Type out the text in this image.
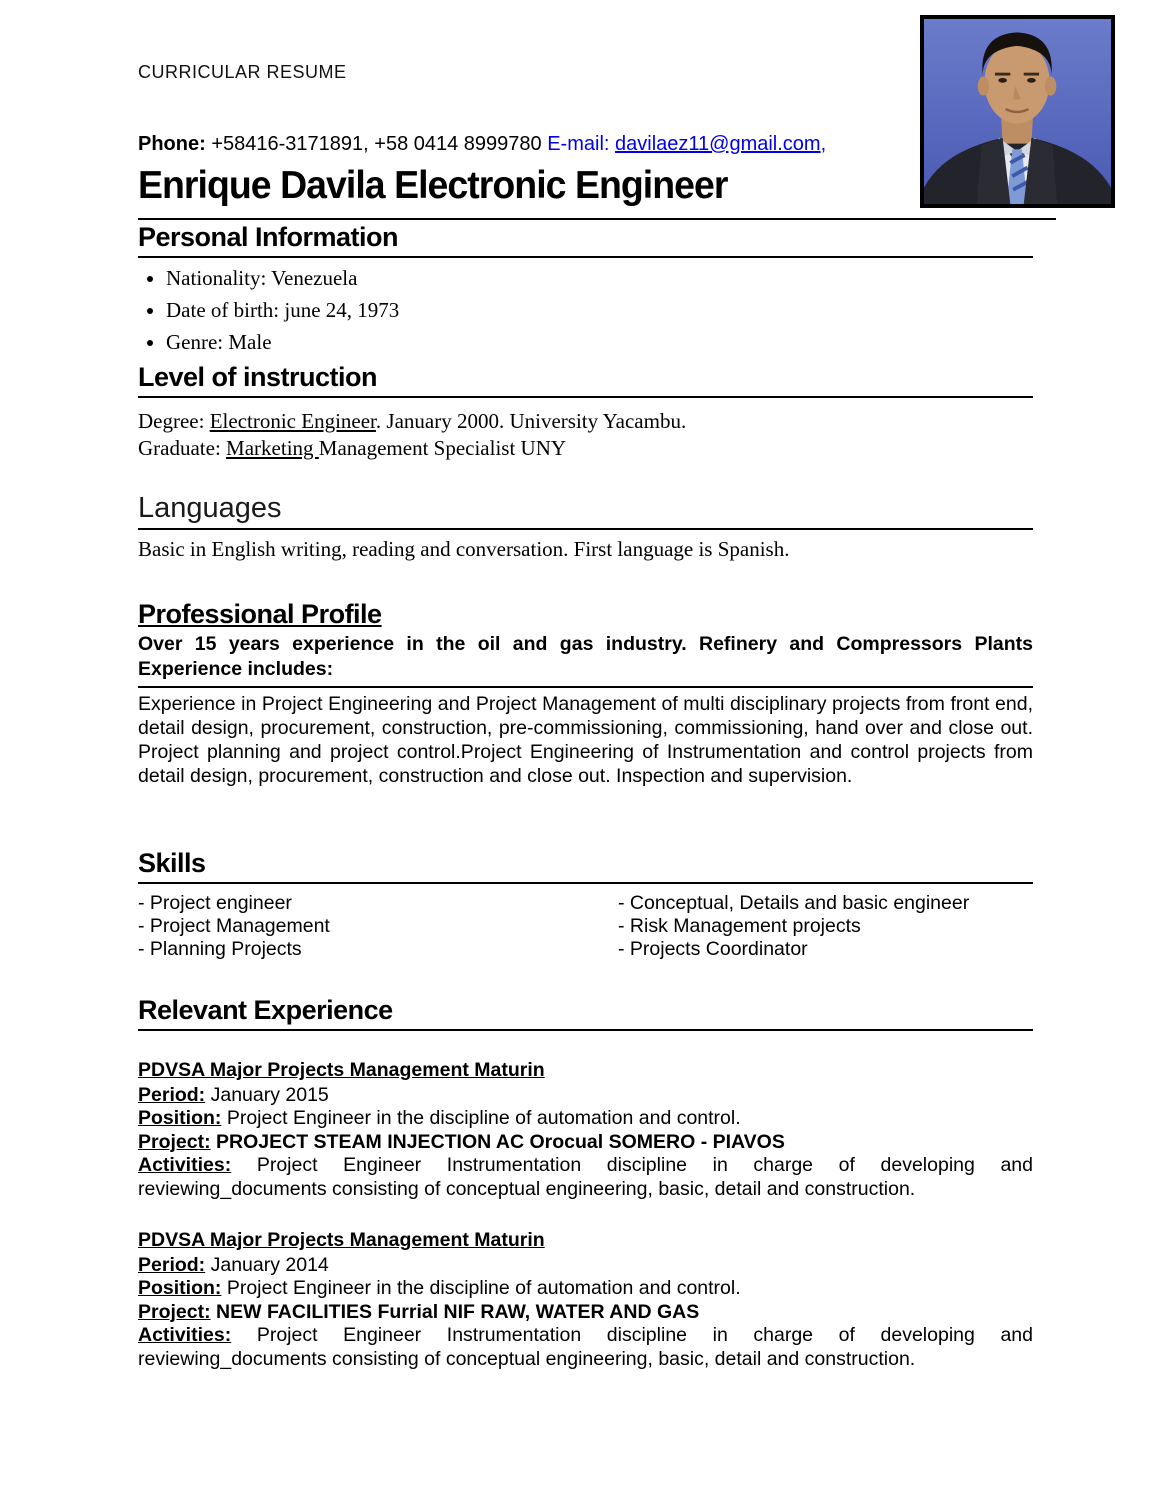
CURRICULAR RESUME
Phone: +58416-3171891, +58 0414 8999780 E-mail: davilaez11@gmail.com,
Enrique Davila Electronic Engineer
Personal Information
• Nationality: Venezuela
• Date of birth: june 24, 1973
• Genre: Male
Level of instruction

Degree: Electronic Engineer. January 2000. University Yacambu.

Graduate: Marketing Management Specialist UNY

Languages

Basic in English writing, reading and conversation. First language is Spanish.

Professional Profile

Over 15 years experience in the oil and gas industry. Refinery and Compressors Plants Experience includes:

Experience in Project Engineering and Project Management of multi disciplinary projects from front end, detail design, procurement, construction, pre-commissioning, commissioning, hand over and close out. Project planning and project control.Project Engineering of Instrumentation and control projects from detail design, procurement, construction and close out. Inspection and supervision.

Skills
- Project engineer
- Project Management
- Planning Projects
- Conceptual, Details and basic engineer
- Risk Management projects
- Projects Coordinator
Relevant Experience
PDVSA Major Projects Management Maturin
Period: January 2015
Position: Project Engineer in the discipline of automation and control.
Project: PROJECT STEAM INJECTION AC Orocual SOMERO - PIAVOS
Activities: Project Engineer Instrumentation discipline in charge of developing and reviewing_documents consisting of conceptual engineering, basic, detail and construction.
PDVSA Major Projects Management Maturin
Period: January 2014
Position: Project Engineer in the discipline of automation and control.
Project: NEW FACILITIES Furrial NIF RAW, WATER AND GAS
Activities: Project Engineer Instrumentation discipline in charge of developing and reviewing_documents consisting of conceptual engineering, basic, detail and construction.
